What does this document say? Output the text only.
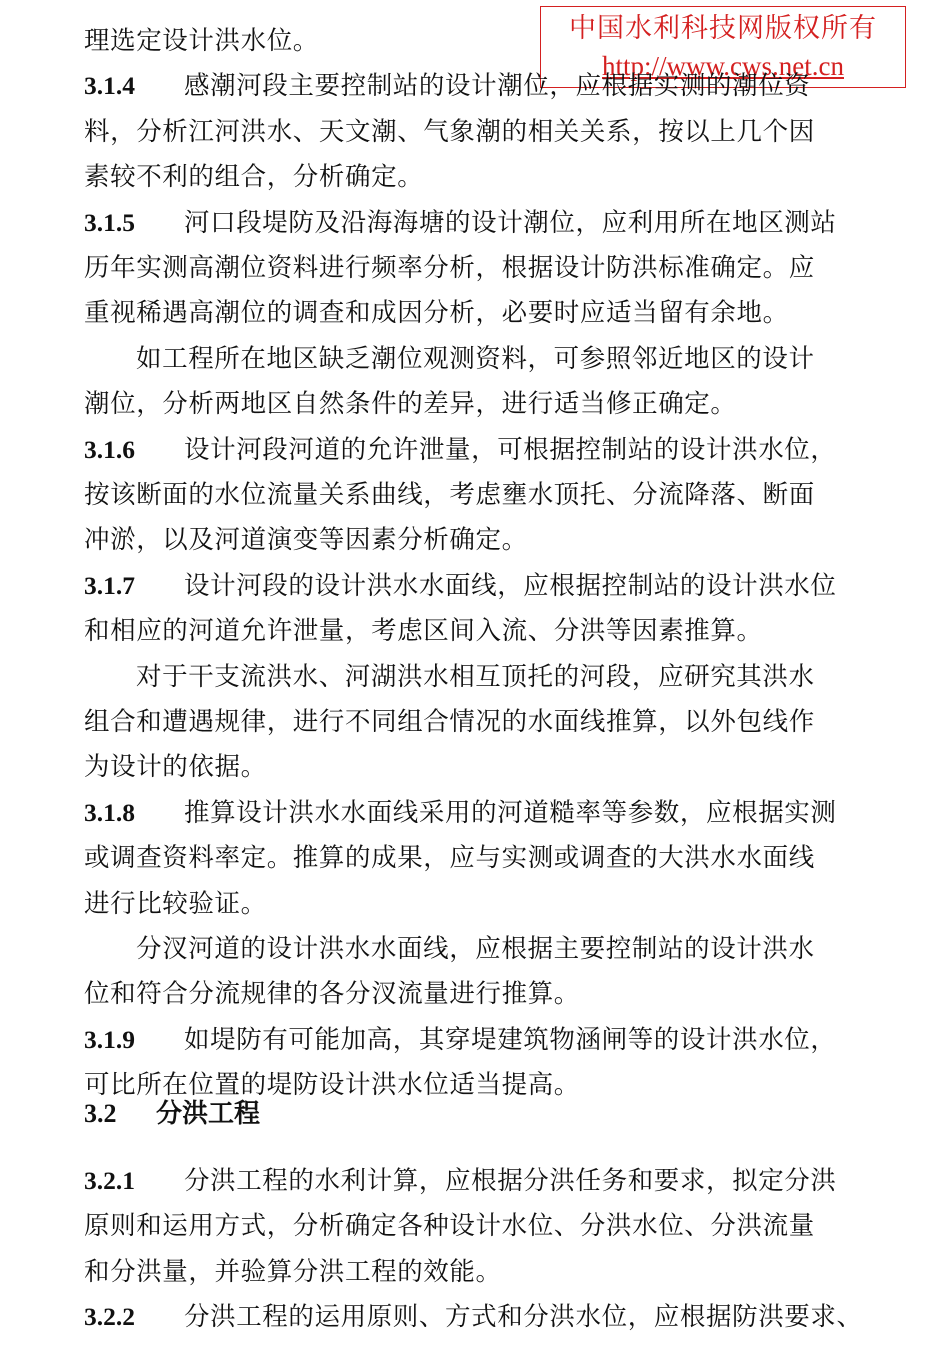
中国水利科技网版权所有
http://www.cws.net.cn
理选定设计洪水位。
3.1.4 感潮河段主要控制站的设计潮位，应根据实测的潮位资
料，分析江河洪水、天文潮、气象潮的相关关系，按以上几个因
素较不利的组合，分析确定。
3.1.5 河口段堤防及沿海海塘的设计潮位，应利用所在地区测站
历年实测高潮位资料进行频率分析，根据设计防洪标准确定。应
重视稀遇高潮位的调查和成因分析，必要时应适当留有余地。
如工程所在地区缺乏潮位观测资料，可参照邻近地区的设计
潮位，分析两地区自然条件的差异，进行适当修正确定。
3.1.6 设计河段河道的允许泄量，可根据控制站的设计洪水位，
按该断面的水位流量关系曲线，考虑壅水顶托、分流降落、断面
冲淤，以及河道演变等因素分析确定。
3.1.7 设计河段的设计洪水水面线，应根据控制站的设计洪水位
和相应的河道允许泄量，考虑区间入流、分洪等因素推算。
对于干支流洪水、河湖洪水相互顶托的河段，应研究其洪水
组合和遭遇规律，进行不同组合情况的水面线推算，以外包线作
为设计的依据。
3.1.8 推算设计洪水水面线采用的河道糙率等参数，应根据实测
或调查资料率定。推算的成果，应与实测或调查的大洪水水面线
进行比较验证。
分汊河道的设计洪水水面线，应根据主要控制站的设计洪水
位和符合分流规律的各分汊流量进行推算。
3.1.9 如堤防有可能加高，其穿堤建筑物涵闸等的设计洪水位，
可比所在位置的堤防设计洪水位适当提高。
3.2 分洪工程
3.2.1 分洪工程的水利计算，应根据分洪任务和要求，拟定分洪
原则和运用方式，分析确定各种设计水位、分洪水位、分洪流量
和分洪量，并验算分洪工程的效能。
3.2.2 分洪工程的运用原则、方式和分洪水位，应根据防洪要求、
